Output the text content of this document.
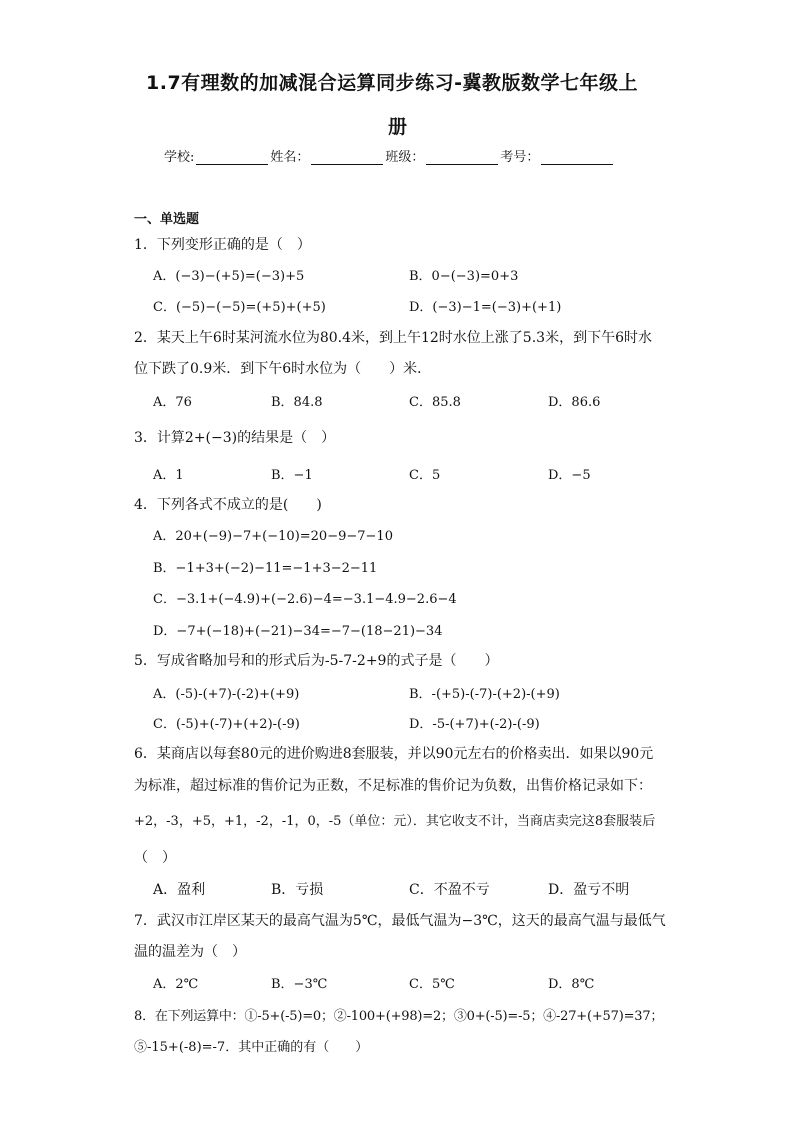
1.7有理数的加减混合运算同步练习-冀教版数学七年级上
册
学校:	姓名：	班级：	考号：
一、单选题
1．下列变形正确的是（　）
A．(−3)−(+5)=(−3)+5	B．0−(−3)=0+3
C．(−5)−(−5)=(+5)+(+5)	D．(−3)−1=(−3)+(+1)
2．某天上午6时某河流水位为80.4米，到上午12时水位上涨了5.3米，到下午6时水
位下跌了0.9米．到下午6时水位为（　　）米．
A．76	B．84.8	C．85.8	D．86.6
3．计算2+(−3)的结果是（　）
A．1	B．−1	C．5	D．−5
4．下列各式不成立的是(　　)
A．20+(−9)−7+(−10)=20−9−7−10
B．−1+3+(−2)−11=−1+3−2−11
C．−3.1+(−4.9)+(−2.6)−4=−3.1−4.9−2.6−4
D．−7+(−18)+(−21)−34=−7−(18−21)−34
5．写成省略加号和的形式后为-5-7-2+9的式子是（　　）
A．(-5)-(+7)-(-2)+(+9)	B．-(+5)-(-7)-(+2)-(+9)
C．(-5)+(-7)+(+2)-(-9)	D．-5-(+7)+(-2)-(-9)
6．某商店以每套80元的进价购进8套服装，并以90元左右的价格卖出．如果以90元
为标准，超过标准的售价记为正数，不足标准的售价记为负数，出售价格记录如下：
+2，-3，+5，+1，-2，-1，0，-5（单位：元）．其它收支不计，当商店卖完这8套服装后
（　）
A．盈利	B．亏损	C．不盈不亏	D．盈亏不明
7．武汉市江岸区某天的最高气温为5℃，最低气温为−3℃，这天的最高气温与最低气
温的温差为（　）
A．2℃	B．−3℃	C．5℃	D．8℃
8．在下列运算中：①-5+(-5)=0；②-100+(+98)=2；③0+(-5)=-5；④-27+(+57)=37；
⑤-15+(-8)=-7．其中正确的有（　　）
